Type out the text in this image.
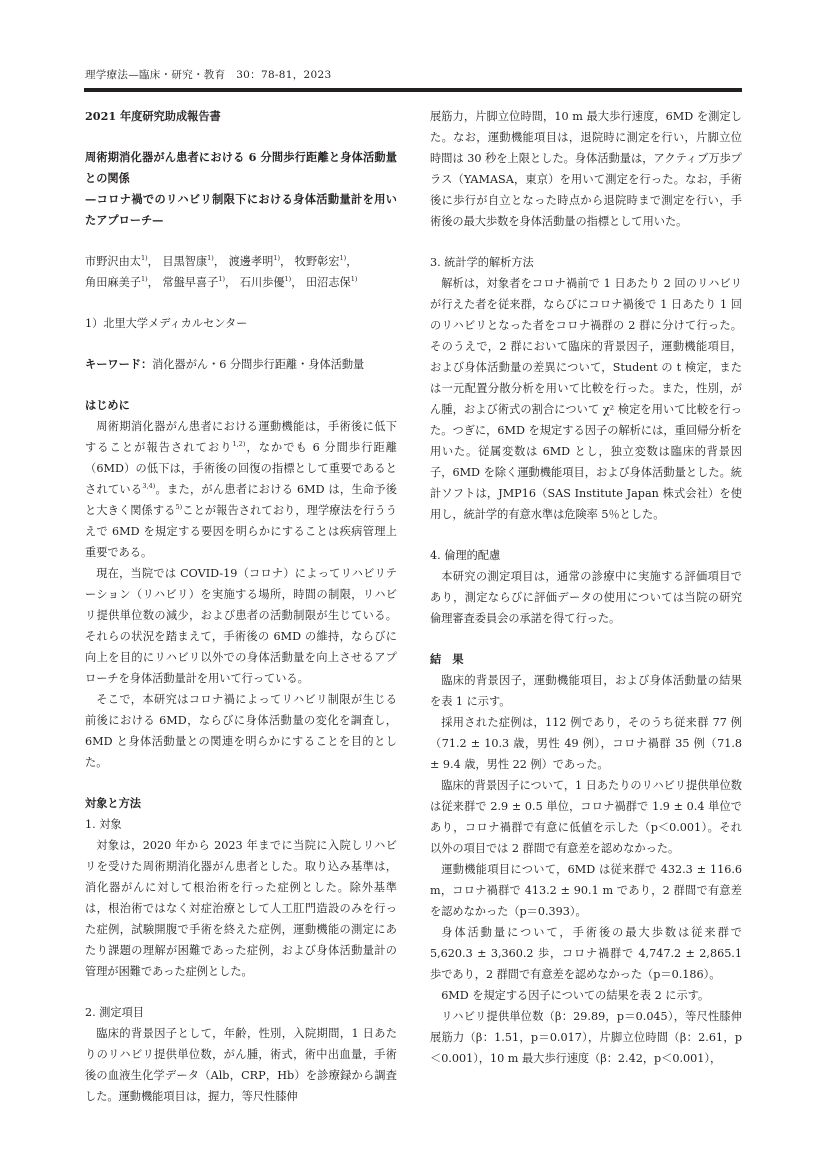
理学療法—臨床・研究・教育　30：78-81，2023

2021 年度研究助成報告書

周術期消化器がん患者における 6 分間歩行距離と身体活動量との関係
—コロナ禍でのリハビリ制限下における身体活動量計を用いたアプローチ—

市野沢由太$^{1)}$， 目黒智康$^{1)}$， 渡邊孝明$^{1)}$， 牧野彰宏$^{1)}$，
角田麻美子$^{1)}$， 常盤早喜子$^{1)}$， 石川歩優$^{1)}$， 田沼志保$^{1)}$

1）北里大学メディカルセンター

キーワード：消化器がん・6 分間歩行距離・身体活動量

はじめに

周術期消化器がん患者における運動機能は，手術後に低下することが報告されており$^{1,2)}$，なかでも 6 分間歩行距離（6MD）の低下は，手術後の回復の指標として重要であるとされている$^{3,4)}$。また，がん患者における 6MD は，生命予後と大きく関係する$^{5)}$ことが報告されており，理学療法を行ううえで 6MD を規定する要因を明らかにすることは疾病管理上重要である。

現在，当院では COVID-19（コロナ）によってリハビリテーション（リハビリ）を実施する場所，時間の制限，リハビリ提供単位数の減少，および患者の活動制限が生じている。それらの状況を踏まえて，手術後の 6MD の維持，ならびに向上を目的にリハビリ以外での身体活動量を向上させるアプローチを身体活動量計を用いて行っている。

そこで，本研究はコロナ禍によってリハビリ制限が生じる前後における 6MD，ならびに身体活動量の変化を調査し，6MD と身体活動量との関連を明らかにすることを目的とした。

対象と方法

1. 対象

対象は，2020 年から 2023 年までに当院に入院しリハビリを受けた周術期消化器がん患者とした。取り込み基準は，消化器がんに対して根治術を行った症例とした。除外基準は，根治術ではなく対症治療として人工肛門造設のみを行った症例，試験開腹で手術を終えた症例，運動機能の測定にあたり課題の理解が困難であった症例，および身体活動量計の管理が困難であった症例とした。

2. 測定項目

臨床的背景因子として，年齢，性別，入院期間，1 日あたりのリハビリ提供単位数，がん腫，術式，術中出血量，手術後の血液生化学データ（Alb，CRP，Hb）を診療録から調査した。運動機能項目は，握力，等尺性膝伸

展筋力，片脚立位時間，10 m 最大歩行速度，6MD を測定した。なお，運動機能項目は，退院時に測定を行い，片脚立位時間は 30 秒を上限とした。身体活動量は，アクティブ万歩プラス（YAMASA，東京）を用いて測定を行った。なお，手術後に歩行が自立となった時点から退院時まで測定を行い，手術後の最大歩数を身体活動量の指標として用いた。

3. 統計学的解析方法

解析は，対象者をコロナ禍前で 1 日あたり 2 回のリハビリが行えた者を従来群，ならびにコロナ禍後で 1 日あたり 1 回のリハビリとなった者をコロナ禍群の 2 群に分けて行った。そのうえで，2 群において臨床的背景因子，運動機能項目，および身体活動量の差異について，Student の t 検定，または一元配置分散分析を用いて比較を行った。また，性別，がん腫，および術式の割合について χ² 検定を用いて比較を行った。つぎに，6MD を規定する因子の解析には，重回帰分析を用いた。従属変数は 6MD とし，独立変数は臨床的背景因子，6MD を除く運動機能項目，および身体活動量とした。統計ソフトは，JMP16（SAS Institute Japan 株式会社）を使用し，統計学的有意水準は危険率 5％とした。

4. 倫理的配慮

本研究の測定項目は，通常の診療中に実施する評価項目であり，測定ならびに評価データの使用については当院の研究倫理審査委員会の承諾を得て行った。

結　果

臨床的背景因子，運動機能項目，および身体活動量の結果を表 1 に示す。

採用された症例は，112 例であり，そのうち従来群 77 例（71.2 ± 10.3 歳，男性 49 例），コロナ禍群 35 例（71.8 ± 9.4 歳，男性 22 例）であった。

臨床的背景因子について，1 日あたりのリハビリ提供単位数は従来群で 2.9 ± 0.5 単位，コロナ禍群で 1.9 ± 0.4 単位であり，コロナ禍群で有意に低値を示した（p＜0.001）。それ以外の項目では 2 群間で有意差を認めなかった。

運動機能項目について，6MD は従来群で 432.3 ± 116.6 m，コロナ禍群で 413.2 ± 90.1 m であり，2 群間で有意差を認めなかった（p＝0.393）。

身体活動量について，手術後の最大歩数は従来群で 5,620.3 ± 3,360.2 歩，コロナ禍群で 4,747.2 ± 2,865.1 歩であり，2 群間で有意差を認めなかった（p＝0.186）。

6MD を規定する因子についての結果を表 2 に示す。

リハビリ提供単位数（β：29.89，p＝0.045），等尺性膝伸展筋力（β：1.51，p＝0.017），片脚立位時間（β：2.61，p＜0.001），10 m 最大歩行速度（β：2.42，p＜0.001），
